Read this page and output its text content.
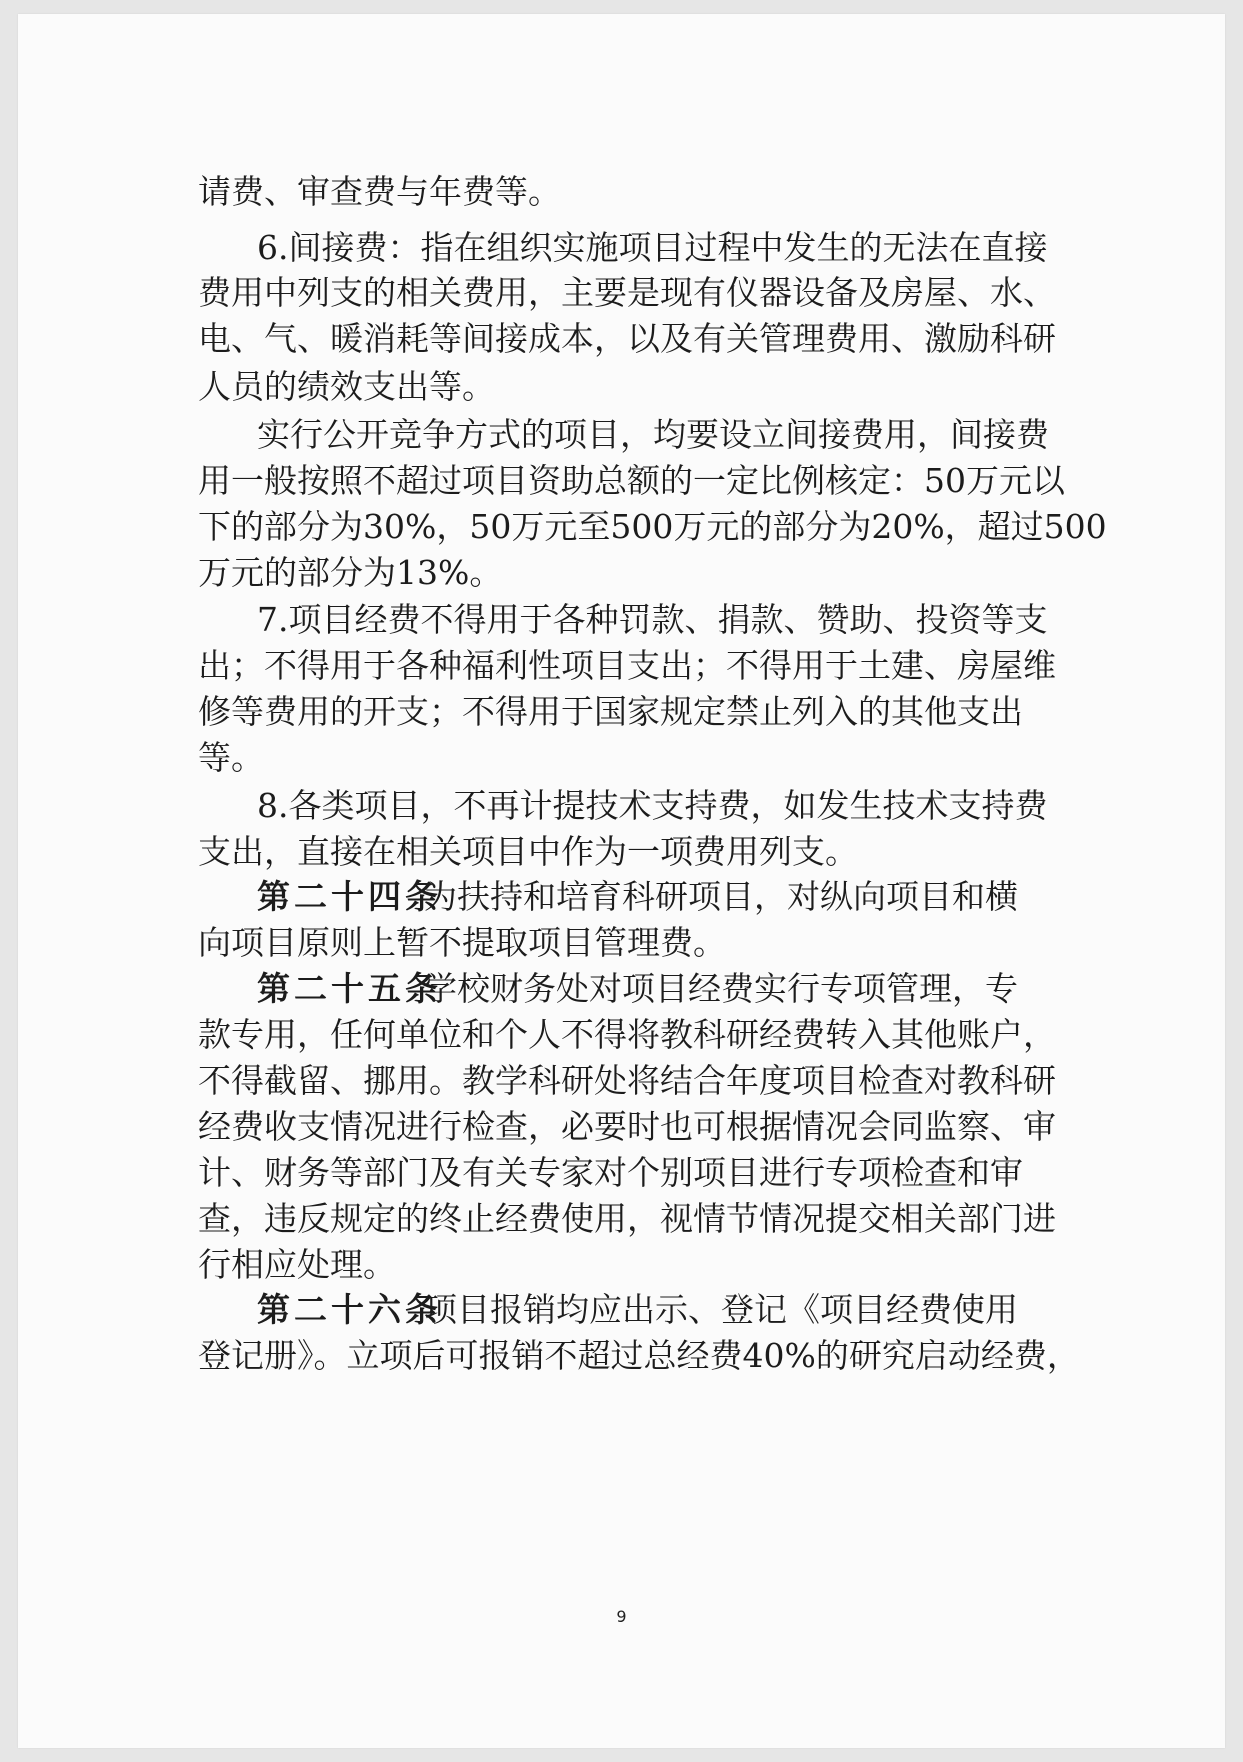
请费、审查费与年费等。
6.间接费：指在组织实施项目过程中发生的无法在直接
费用中列支的相关费用，主要是现有仪器设备及房屋、水、
电、气、暖消耗等间接成本，以及有关管理费用、激励科研
人员的绩效支出等。
实行公开竞争方式的项目，均要设立间接费用，间接费
用一般按照不超过项目资助总额的一定比例核定：50万元以
下的部分为30%，50万元至500万元的部分为20%，超过500
万元的部分为13%。
7.项目经费不得用于各种罚款、捐款、赞助、投资等支
出；不得用于各种福利性项目支出；不得用于土建、房屋维
修等费用的开支；不得用于国家规定禁止列入的其他支出
等。
8.各类项目，不再计提技术支持费，如发生技术支持费
支出，直接在相关项目中作为一项费用列支。
第二十四条
为扶持和培育科研项目，对纵向项目和横
向项目原则上暂不提取项目管理费。
第二十五条
学校财务处对项目经费实行专项管理，专
款专用，任何单位和个人不得将教科研经费转入其他账户，
不得截留、挪用。教学科研处将结合年度项目检查对教科研
经费收支情况进行检查，必要时也可根据情况会同监察、审
计、财务等部门及有关专家对个别项目进行专项检查和审
查，违反规定的终止经费使用，视情节情况提交相关部门进
行相应处理。
第二十六条
项目报销均应出示、登记《项目经费使用
登记册》。立项后可报销不超过总经费40%的研究启动经费，
9
